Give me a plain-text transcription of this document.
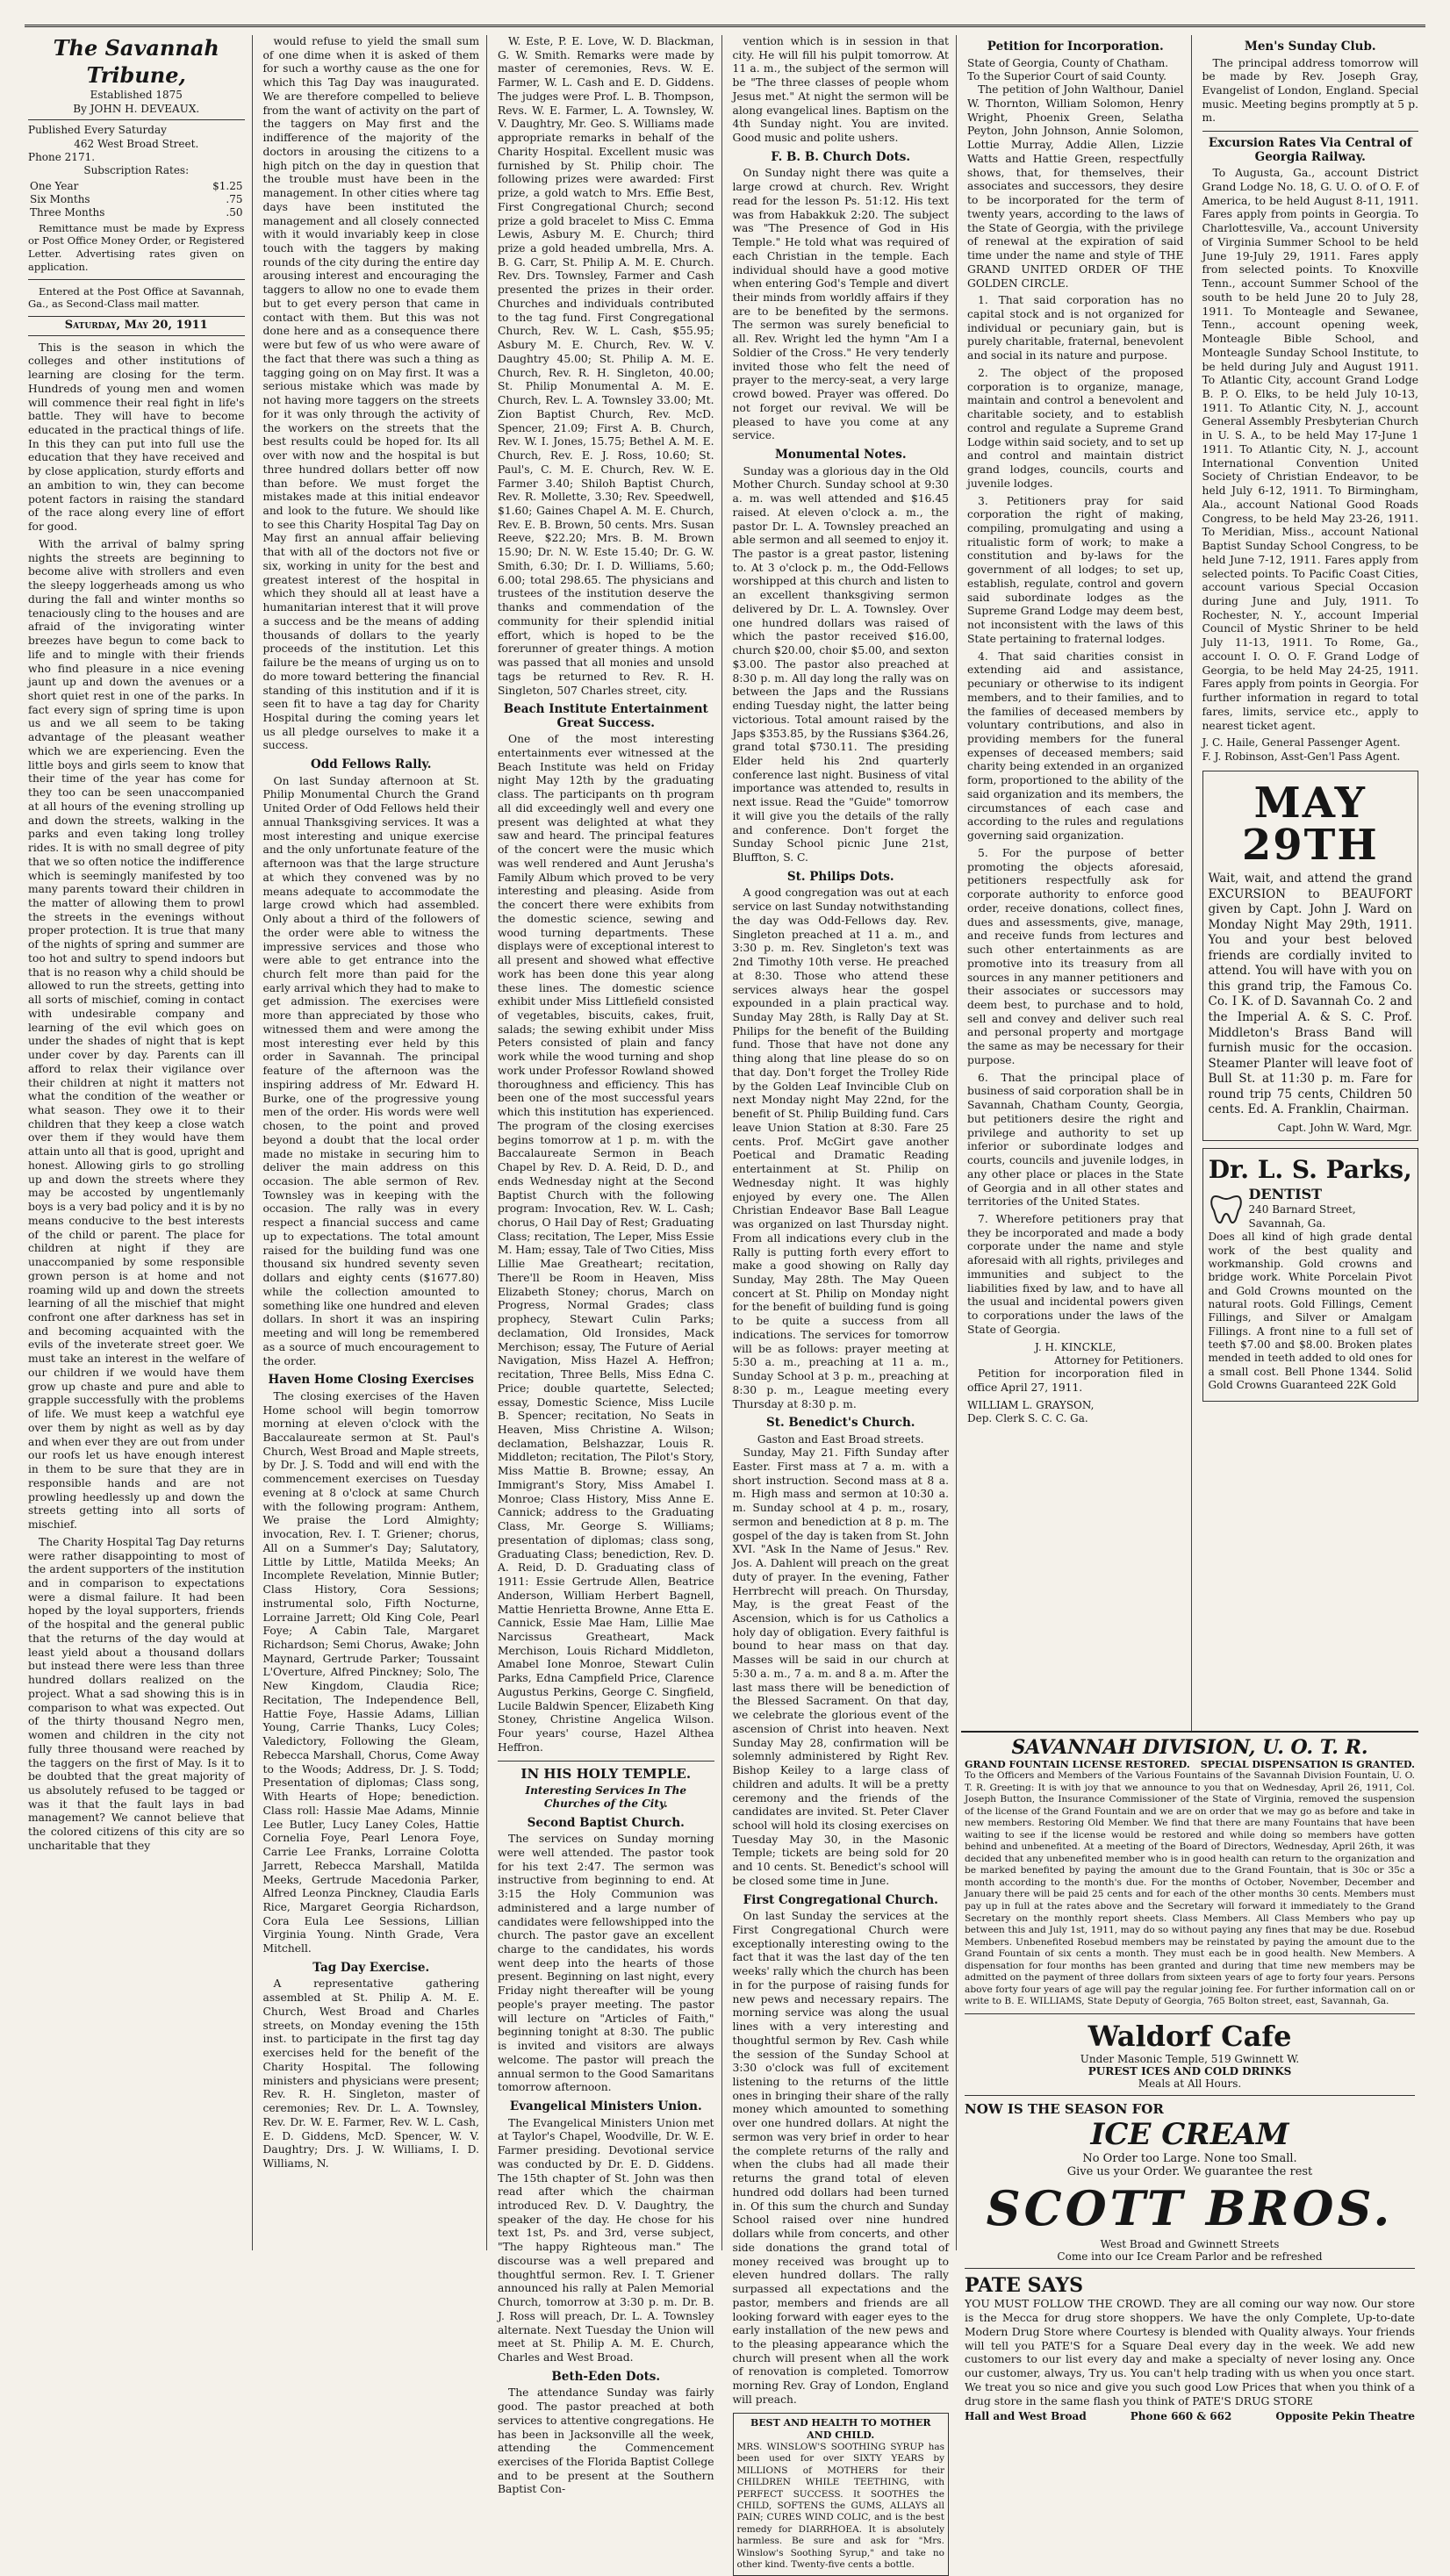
The Savannah Tribune,
Established 1875
By JOHN H. DEVEAUX.
Published Every Saturday
462 West Broad Street.
Phone 2171.
Subscription Rates:
One Year	$1.25
Six Months	.75
Three Months	.50

Remittance must be made by Express or Post Office Money Order, or Registered Letter. Advertising rates given on application.

Entered at the Post Office at Savannah, Ga., as Second-Class mail matter.

Saturday, May 20, 1911

This is the season in which the colleges and other institutions of learning are closing for the term. Hundreds of young men and women will commence their real fight in life's battle. They will have to become educated in the practical things of life. In this they can put into full use the education that they have received and by close application, sturdy efforts and an ambition to win, they can become potent factors in raising the standard of the race along every line of effort for good.

With the arrival of balmy spring nights the streets are beginning to become alive with strollers and even the sleepy loggerheads among us who during the fall and winter months so tenaciously cling to the houses and are afraid of the invigorating winter breezes have begun to come back to life and to mingle with their friends who find pleasure in a nice evening jaunt up and down the avenues or a short quiet rest in one of the parks. In fact every sign of spring time is upon us and we all seem to be taking advantage of the pleasant weather which we are experiencing. Even the little boys and girls seem to know that their time of the year has come for they too can be seen unaccompanied at all hours of the evening strolling up and down the streets, walking in the parks and even taking long trolley rides. It is with no small degree of pity that we so often notice the indifference which is seemingly manifested by too many parents toward their children in the matter of allowing them to prowl the streets in the evenings without proper protection. It is true that many of the nights of spring and summer are too hot and sultry to spend indoors but that is no reason why a child should be allowed to run the streets, getting into all sorts of mischief, coming in contact with undesirable company and learning of the evil which goes on under the shades of night that is kept under cover by day. Parents can ill afford to relax their vigilance over their children at night it matters not what the condition of the weather or what season. They owe it to their children that they keep a close watch over them if they would have them attain unto all that is good, upright and honest. Allowing girls to go strolling up and down the streets where they may be accosted by ungentlemanly boys is a very bad policy and it is by no means conducive to the best interests of the child or parent. The place for children at night if they are unaccompanied by some responsible grown person is at home and not roaming wild up and down the streets learning of all the mischief that might confront one after darkness has set in and becoming acquainted with the evils of the inveterate street goer. We must take an interest in the welfare of our children if we would have them grow up chaste and pure and able to grapple successfully with the problems of life. We must keep a watchful eye over them by night as well as by day and when ever they are out from under our roofs let us have enough interest in them to be sure that they are in responsible hands and are not prowling heedlessly up and down the streets getting into all sorts of mischief.

The Charity Hospital Tag Day returns were rather disappointing to most of the ardent supporters of the institution and in comparison to expectations were a dismal failure. It had been hoped by the loyal supporters, friends of the hospital and the general public that the returns of the day would at least yield about a thousand dollars but instead there were less than three hundred dollars realized on the project. What a sad showing this is in comparison to what was expected. Out of the thirty thousand Negro men, women and children in the city not fully three thousand were reached by the taggers on the first of May. Is it to be doubted that the great majority of us absolutely refused to be tagged or was it that the fault lays in bad management? We cannot believe that the colored citizens of this city are so uncharitable that they

would refuse to yield the small sum of one dime when it is asked of them for such a worthy cause as the one for which this Tag Day was inaugurated. We are therefore compelled to believe from the want of activity on the part of the taggers on May first and the indifference of the majority of the doctors in arousing the citizens to a high pitch on the day in question that the trouble must have been in the management. In other cities where tag days have been instituted the management and all closely connected with it would invariably keep in close touch with the taggers by making rounds of the city during the entire day arousing interest and encouraging the taggers to allow no one to evade them but to get every person that came in contact with them. But this was not done here and as a consequence there were but few of us who were aware of the fact that there was such a thing as tagging going on on May first. It was a serious mistake which was made by not having more taggers on the streets for it was only through the activity of the workers on the streets that the best results could be hoped for. Its all over with now and the hospital is but three hundred dollars better off now than before. We must forget the mistakes made at this initial endeavor and look to the future. We should like to see this Charity Hospital Tag Day on May first an annual affair believing that with all of the doctors not five or six, working in unity for the best and greatest interest of the hospital in which they should all at least have a humanitarian interest that it will prove a success and be the means of adding thousands of dollars to the yearly proceeds of the institution. Let this failure be the means of urging us on to do more toward bettering the financial standing of this institution and if it is seen fit to have a tag day for Charity Hospital during the coming years let us all pledge ourselves to make it a success.

Odd Fellows Rally.

On last Sunday afternoon at St. Philip Monumental Church the Grand United Order of Odd Fellows held their annual Thanksgiving services. It was a most interesting and unique exercise and the only unfortunate feature of the afternoon was that the large structure at which they convened was by no means adequate to accommodate the large crowd which had assembled. Only about a third of the followers of the order were able to witness the impressive services and those who were able to get entrance into the church felt more than paid for the early arrival which they had to make to get admission. The exercises were more than appreciated by those who witnessed them and were among the most interesting ever held by this order in Savannah. The principal feature of the afternoon was the inspiring address of Mr. Edward H. Burke, one of the progressive young men of the order. His words were well chosen, to the point and proved beyond a doubt that the local order made no mistake in securing him to deliver the main address on this occasion. The able sermon of Rev. Townsley was in keeping with the occasion. The rally was in every respect a financial success and came up to expectations. The total amount raised for the building fund was one thousand six hundred seventy seven dollars and eighty cents ($1677.80) while the collection amounted to something like one hundred and eleven dollars. In short it was an inspiring meeting and will long be remembered as a source of much encouragement to the order.

Haven Home Closing Exercises

The closing exercises of the Haven Home school will begin tomorrow morning at eleven o'clock with the Baccalaureate sermon at St. Paul's Church, West Broad and Maple streets, by Dr. J. S. Todd and will end with the commencement exercises on Tuesday evening at 8 o'clock at same Church with the following program: Anthem, We praise the Lord Almighty; invocation, Rev. I. T. Griener; chorus, All on a Summer's Day; Salutatory, Little by Little, Matilda Meeks; An Incomplete Revelation, Minnie Butler; Class History, Cora Sessions; instrumental solo, Fifth Nocturne, Lorraine Jarrett; Old King Cole, Pearl Foye; A Cabin Tale, Margaret Richardson; Semi Chorus, Awake; John Maynard, Gertrude Parker; Toussaint L'Overture, Alfred Pinckney; Solo, The New Kingdom, Claudia Rice; Recitation, The Independence Bell, Hattie Foye, Hassie Adams, Lillian Young, Carrie Thanks, Lucy Coles; Valedictory, Following the Gleam, Rebecca Marshall, Chorus, Come Away to the Woods; Address, Dr. J. S. Todd; Presentation of diplomas; Class song, With Hearts of Hope; benediction. Class roll: Hassie Mae Adams, Minnie Lee Butler, Lucy Laney Coles, Hattie Cornelia Foye, Pearl Lenora Foye, Carrie Lee Franks, Lorraine Colotta Jarrett, Rebecca Marshall, Matilda Meeks, Gertrude Macedonia Parker, Alfred Leonza Pinckney, Claudia Earls Rice, Margaret Georgia Richardson, Cora Eula Lee Sessions, Lillian Virginia Young. Ninth Grade, Vera Mitchell.

Tag Day Exercise.

A representative gathering assembled at St. Philip A. M. E. Church, West Broad and Charles streets, on Monday evening the 15th inst. to participate in the first tag day exercises held for the benefit of the Charity Hospital. The following ministers and physicians were present; Rev. R. H. Singleton, master of ceremonies; Rev. Dr. L. A. Townsley, Rev. Dr. W. E. Farmer, Rev. W. L. Cash, E. D. Giddens, McD. Spencer, W. V. Daughtry; Drs. J. W. Williams, I. D. Williams, N.

W. Este, P. E. Love, W. D. Blackman, G. W. Smith. Remarks were made by master of ceremonies, Revs. W. E. Farmer, W. L. Cash and E. D. Giddens. The judges were Prof. L. B. Thompson, Revs. W. E. Farmer, L. A. Townsley, W. V. Daughtry, Mr. Geo. S. Williams made appropriate remarks in behalf of the Charity Hospital. Excellent music was furnished by St. Philip choir. The following prizes were awarded: First prize, a gold watch to Mrs. Effie Best, First Congregational Church; second prize a gold bracelet to Miss C. Emma Lewis, Asbury M. E. Church; third prize a gold headed umbrella, Mrs. A. B. G. Carr, St. Philip A. M. E. Church. Rev. Drs. Townsley, Farmer and Cash presented the prizes in their order. Churches and individuals contributed to the tag fund. First Congregational Church, Rev. W. L. Cash, $55.95; Asbury M. E. Church, Rev. W. V. Daughtry 45.00; St. Philip A. M. E. Church, Rev. R. H. Singleton, 40.00; St. Philip Monumental A. M. E. Church, Rev. L. A. Townsley 33.00; Mt. Zion Baptist Church, Rev. McD. Spencer, 21.09; First A. B. Church, Rev. W. I. Jones, 15.75; Bethel A. M. E. Church, Rev. E. J. Ross, 10.60; St. Paul's, C. M. E. Church, Rev. W. E. Farmer 3.40; Shiloh Baptist Church, Rev. R. Mollette, 3.30; Rev. Speedwell, $1.60; Gaines Chapel A. M. E. Church, Rev. E. B. Brown, 50 cents. Mrs. Susan Reeve, $22.20; Mrs. B. M. Brown 15.90; Dr. N. W. Este 15.40; Dr. G. W. Smith, 6.30; Dr. I. D. Williams, 5.60; 6.00; total 298.65. The physicians and trustees of the institution deserve the thanks and commendation of the community for their splendid initial effort, which is hoped to be the forerunner of greater things. A motion was passed that all monies and unsold tags be returned to Rev. R. H. Singleton, 507 Charles street, city.

Beach Institute Entertainment Great Success.

One of the most interesting entertainments ever witnessed at the Beach Institute was held on Friday night May 12th by the graduating class. The participants on th program all did exceedingly well and every one present was delighted at what they saw and heard. The principal features of the concert were the music which was well rendered and Aunt Jerusha's Family Album which proved to be very interesting and pleasing. Aside from the concert there were exhibits from the domestic science, sewing and wood turning departments. These displays were of exceptional interest to all present and showed what effective work has been done this year along these lines. The domestic science exhibit under Miss Littlefield consisted of vegetables, biscuits, cakes, fruit, salads; the sewing exhibit under Miss Peters consisted of plain and fancy work while the wood turning and shop work under Professor Rowland showed thoroughness and efficiency. This has been one of the most successful years which this institution has experienced. The program of the closing exercises begins tomorrow at 1 p. m. with the Baccalaureate Sermon in Beach Chapel by Rev. D. A. Reid, D. D., and ends Wednesday night at the Second Baptist Church with the following program: Invocation, Rev. W. L. Cash; chorus, O Hail Day of Rest; Graduating Class; recitation, The Leper, Miss Essie M. Ham; essay, Tale of Two Cities, Miss Lillie Mae Greatheart; recitation, There'll be Room in Heaven, Miss Elizabeth Stoney; chorus, March on Progress, Normal Grades; class prophecy, Stewart Culin Parks; declamation, Old Ironsides, Mack Merchison; essay, The Future of Aerial Navigation, Miss Hazel A. Heffron; recitation, Three Bells, Miss Edna C. Price; double quartette, Selected; essay, Domestic Science, Miss Lucile B. Spencer; recitation, No Seats in Heaven, Miss Christine A. Wilson; declamation, Belshazzar, Louis R. Middleton; recitation, The Pilot's Story, Miss Mattie B. Browne; essay, An Immigrant's Story, Miss Amabel I. Monroe; Class History, Miss Anne E. Cannick; address to the Graduating Class, Mr. George S. Williams; presentation of diplomas; class song, Graduating Class; benediction, Rev. D. A. Reid, D. D. Graduating class of 1911: Essie Gertrude Allen, Beatrice Anderson, William Herbert Bagnell, Mattie Henrietta Browne, Anne Etta E. Cannick, Essie Mae Ham, Lillie Mae Narcissus Greatheart, Mack Merchison, Louis Richard Middleton, Amabel Ione Monroe, Stewart Culin Parks, Edna Campfield Price, Clarence Augustus Perkins, George C. Singfield, Lucile Baldwin Spencer, Elizabeth King Stoney, Christine Angelica Wilson. Four years' course, Hazel Althea Heffron.

IN HIS HOLY TEMPLE.
Interesting Services In The Churches of the City.
Second Baptist Church.

The services on Sunday morning were well attended. The pastor took for his text 2:47. The sermon was instructive from beginning to end. At 3:15 the Holy Communion was administered and a large number of candidates were fellowshipped into the church. The pastor gave an excellent charge to the candidates, his words went deep into the hearts of those present. Beginning on last night, every Friday night thereafter will be young people's prayer meeting. The pastor will lecture on "Articles of Faith," beginning tonight at 8:30. The public is invited and visitors are always welcome. The pastor will preach the annual sermon to the Good Samaritans tomorrow afternoon.

Evangelical Ministers Union.

The Evangelical Ministers Union met at Taylor's Chapel, Woodville, Dr. W. E. Farmer presiding. Devotional service was conducted by Dr. E. D. Giddens. The 15th chapter of St. John was then read after which the chairman introduced Rev. D. V. Daughtry, the speaker of the day. He chose for his text 1st, Ps. and 3rd, verse subject, "The happy Righteous man." The discourse was a well prepared and thoughtful sermon. Rev. I. T. Griener announced his rally at Palen Memorial Church, tomorrow at 3:30 p. m. Dr. B. J. Ross will preach, Dr. L. A. Townsley alternate. Next Tuesday the Union will meet at St. Philip A. M. E. Church, Charles and West Broad.

Beth-Eden Dots.

The attendance Sunday was fairly good. The pastor preached at both services to attentive congregations. He has been in Jacksonville all the week, attending the Commencement exercises of the Florida Baptist College and to be present at the Southern Baptist Con-

vention which is in session in that city. He will fill his pulpit tomorrow. At 11 a. m., the subject of the sermon will be "The three classes of people whom Jesus met." At night the sermon will be along evangelical lines. Baptism on the 4th Sunday night. You are invited. Good music and polite ushers.

F. B. B. Church Dots.

On Sunday night there was quite a large crowd at church. Rev. Wright read for the lesson Ps. 51:12. His text was from Habakkuk 2:20. The subject was "The Presence of God in His Temple." He told what was required of each Christian in the temple. Each individual should have a good motive when entering God's Temple and divert their minds from worldly affairs if they are to be benefited by the sermons. The sermon was surely beneficial to all. Rev. Wright led the hymn "Am I a Soldier of the Cross." He very tenderly invited those who felt the need of prayer to the mercy-seat, a very large crowd bowed. Prayer was offered. Do not forget our revival. We will be pleased to have you come at any service.

Monumental Notes.

Sunday was a glorious day in the Old Mother Church. Sunday school at 9:30 a. m. was well attended and $16.45 raised. At eleven o'clock a. m., the pastor Dr. L. A. Townsley preached an able sermon and all seemed to enjoy it. The pastor is a great pastor, listening to. At 3 o'clock p. m., the Odd-Fellows worshipped at this church and listen to an excellent thanksgiving sermon delivered by Dr. L. A. Townsley. Over one hundred dollars was raised of which the pastor received $16.00, church $20.00, choir $5.00, and sexton $3.00. The pastor also preached at 8:30 p. m. All day long the rally was on between the Japs and the Russians ending Tuesday night, the latter being victorious. Total amount raised by the Japs $353.85, by the Russians $364.26, grand total $730.11. The presiding Elder held his 2nd quarterly conference last night. Business of vital importance was attended to, results in next issue. Read the "Guide" tomorrow it will give you the details of the rally and conference. Don't forget the Sunday School picnic June 21st, Bluffton, S. C.

St. Philips Dots.

A good congregation was out at each service on last Sunday notwithstanding the day was Odd-Fellows day. Rev. Singleton preached at 11 a. m., and 3:30 p. m. Rev. Singleton's text was 2nd Timothy 10th verse. He preached at 8:30. Those who attend these services always hear the gospel expounded in a plain practical way. Sunday May 28th, is Rally Day at St. Philips for the benefit of the Building fund. Those that have not done any thing along that line please do so on that day. Don't forget the Trolley Ride by the Golden Leaf Invincible Club on next Monday night May 22nd, for the benefit of St. Philip Building fund. Cars leave Union Station at 8:30. Fare 25 cents. Prof. McGirt gave another Poetical and Dramatic Reading entertainment at St. Philip on Wednesday night. It was highly enjoyed by every one. The Allen Christian Endeavor Base Ball League was organized on last Thursday night. From all indications every club in the Rally is putting forth every effort to make a good showing on Rally day Sunday, May 28th. The May Queen concert at St. Philip on Monday night for the benefit of building fund is going to be quite a success from all indications. The services for tomorrow will be as follows: prayer meeting at 5:30 a. m., preaching at 11 a. m., Sunday School at 3 p. m., preaching at 8:30 p. m., League meeting every Thursday at 8:30 p. m.

St. Benedict's Church.
Gaston and East Broad streets.

Sunday, May 21. Fifth Sunday after Easter. First mass at 7 a. m. with a short instruction. Second mass at 8 a. m. High mass and sermon at 10:30 a. m. Sunday school at 4 p. m., rosary, sermon and benediction at 8 p. m. The gospel of the day is taken from St. John XVI. "Ask In the Name of Jesus." Rev. Jos. A. Dahlent will preach on the great duty of prayer. In the evening, Father Herrbrecht will preach. On Thursday, May, is the great Feast of the Ascension, which is for us Catholics a holy day of obligation. Every faithful is bound to hear mass on that day. Masses will be said in our church at 5:30 a. m., 7 a. m. and 8 a. m. After the last mass there will be benediction of the Blessed Sacrament. On that day, we celebrate the glorious event of the ascension of Christ into heaven. Next Sunday May 28, confirmation will be solemnly administered by Right Rev. Bishop Keiley to a large class of children and adults. It will be a pretty ceremony and the friends of the candidates are invited. St. Peter Claver school will hold its closing exercises on Tuesday May 30, in the Masonic Temple; tickets are being sold for 20 and 10 cents. St. Benedict's school will be closed some time in June.

First Congregational Church.

On last Sunday the services at the First Congregational Church were exceptionally interesting owing to the fact that it was the last day of the ten weeks' rally which the church has been in for the purpose of raising funds for new pews and necessary repairs. The morning service was along the usual lines with a very interesting and thoughtful sermon by Rev. Cash while the session of the Sunday School at 3:30 o'clock was full of excitement listening to the returns of the little ones in bringing their share of the rally money which amounted to something over one hundred dollars. At night the sermon was very brief in order to hear the complete returns of the rally and when the clubs had all made their returns the grand total of eleven hundred odd dollars had been turned in. Of this sum the church and Sunday School raised over nine hundred dollars while from concerts, and other side donations the grand total of money received was brought up to eleven hundred dollars. The rally surpassed all expectations and the pastor, members and friends are all looking forward with eager eyes to the early installation of the new pews and to the pleasing appearance which the church will present when all the work of renovation is completed. Tomorrow morning Rev. Gray of London, England will preach.

BEST AND HEALTH TO MOTHER AND CHILD.
MRS. WINSLOW'S SOOTHING SYRUP has been used for over SIXTY YEARS by MILLIONS of MOTHERS for their CHILDREN WHILE TEETHING, with PERFECT SUCCESS. It SOOTHES the CHILD, SOFTENS the GUMS, ALLAYS all PAIN; CURES WIND COLIC, and is the best remedy for DIARRHOEA. It is absolutely harmless. Be sure and ask for "Mrs. Winslow's Soothing Syrup," and take no other kind. Twenty-five cents a bottle.
Petition for Incorporation.
State of Georgia, County of Chatham.
To the Superior Court of said County.

The petition of John Walthour, Daniel W. Thornton, William Solomon, Henry Wright, Phoenix Green, Selatha Peyton, John Johnson, Annie Solomon, Lottie Murray, Addie Allen, Lizzie Watts and Hattie Green, respectfully shows, that, for themselves, their associates and successors, they desire to be incorporated for the term of twenty years, according to the laws of the State of Georgia, with the privilege of renewal at the expiration of said time under the name and style of THE GRAND UNITED ORDER OF THE GOLDEN CIRCLE.

1. That said corporation has no capital stock and is not organized for individual or pecuniary gain, but is purely charitable, fraternal, benevolent and social in its nature and purpose.

2. The object of the proposed corporation is to organize, manage, maintain and control a benevolent and charitable society, and to establish control and regulate a Supreme Grand Lodge within said society, and to set up and control and maintain district grand lodges, councils, courts and juvenile lodges.

3. Petitioners pray for said corporation the right of making, compiling, promulgating and using a ritualistic form of work; to make a constitution and by-laws for the government of all lodges; to set up, establish, regulate, control and govern said subordinate lodges as the Supreme Grand Lodge may deem best, not inconsistent with the laws of this State pertaining to fraternal lodges.

4. That said charities consist in extending aid and assistance, pecuniary or otherwise to its indigent members, and to their families, and to the families of deceased members by voluntary contributions, and also in providing members for the funeral expenses of deceased members; said charity being extended in an organized form, proportioned to the ability of the said organization and its members, the circumstances of each case and according to the rules and regulations governing said organization.

5. For the purpose of better promoting the objects aforesaid, petitioners respectfully ask for corporate authority to enforce good order, receive donations, collect fines, dues and assessments, give, manage, and receive funds from lectures and such other entertainments as are promotive into its treasury from all sources in any manner petitioners and their associates or successors may deem best, to purchase and to hold, sell and convey and deliver such real and personal property and mortgage the same as may be necessary for their purpose.

6. That the principal place of business of said corporation shall be in Savannah, Chatham County, Georgia, but petitioners desire the right and privilege and authority to set up inferior or subordinate lodges and courts, councils and juvenile lodges, in any other place or places in the State of Georgia and in all other states and territories of the United States.

7. Wherefore petitioners pray that they be incorporated and made a body corporate under the name and style aforesaid with all rights, privileges and immunities and subject to the liabilities fixed by law, and to have all the usual and incidental powers given to corporations under the laws of the State of Georgia.

J. H. KINCKLE,
Attorney for Petitioners.

Petition for incorporation filed in office April 27, 1911.

WILLIAM L. GRAYSON,
Dep. Clerk S. C. C. Ga.
Men's Sunday Club.

The principal address tomorrow will be made by Rev. Joseph Gray, Evangelist of London, England. Special music. Meeting begins promptly at 5 p. m.

Excursion Rates Via Central of Georgia Railway.

To Augusta, Ga., account District Grand Lodge No. 18, G. U. O. of O. F. of America, to be held August 8-11, 1911. Fares apply from points in Georgia. To Charlottesville, Va., account University of Virginia Summer School to be held June 19-July 29, 1911. Fares apply from selected points. To Knoxville Tenn., account Summer School of the south to be held June 20 to July 28, 1911. To Monteagle and Sewanee, Tenn., account opening week, Monteagle Bible School, and Monteagle Sunday School Institute, to be held during July and August 1911. To Atlantic City, account Grand Lodge B. P. O. Elks, to be held July 10-13, 1911. To Atlantic City, N. J., account General Assembly Presbyterian Church in U. S. A., to be held May 17-June 1 1911. To Atlantic City, N. J., account International Convention United Society of Christian Endeavor, to be held July 6-12, 1911. To Birmingham, Ala., account National Good Roads Congress, to be held May 23-26, 1911. To Meridian, Miss., account National Baptist Sunday School Congress, to be held June 7-12, 1911. Fares apply from selected points. To Pacific Coast Cities, account various Special Occasion during June and July, 1911. To Rochester, N. Y., account Imperial Council of Mystic Shriner to be held July 11-13, 1911. To Rome, Ga., account I. O. O. F. Grand Lodge of Georgia, to be held May 24-25, 1911. Fares apply from points in Georgia. For further information in regard to total fares, limits, service etc., apply to nearest ticket agent.

J. C. Haile, General Passenger Agent.
F. J. Robinson, Asst-Gen'l Pass Agent.
MAY 29TH

Wait, wait, and attend the grand EXCURSION to BEAUFORT given by Capt. John J. Ward on Monday Night May 29th, 1911. You and your best beloved friends are cordially invited to attend. You will have with you on this grand trip, the Famous Co. Co. I K. of D. Savannah Co. 2 and the Imperial A. & S. C. Prof. Middleton's Brass Band will furnish music for the occasion. Steamer Planter will leave foot of Bull St. at 11:30 p. m. Fare for round trip 75 cents, Children 50 cents. Ed. A. Franklin, Chairman.

Capt. John W. Ward, Mgr.
Dr. L. S. Parks,
DENTIST
240 Barnard Street, Savannah, Ga.

Does all kind of high grade dental work of the best quality and workmanship. Gold crowns and bridge work. White Porcelain Pivot and Gold Crowns mounted on the natural roots. Gold Fillings, Cement Fillings, and Silver or Amalgam Fillings. A front nine to a full set of teeth $7.00 and $8.00. Broken plates mended in teeth added to old ones for a small cost. Bell Phone 1344. Solid Gold Crowns Guaranteed 22K Gold

SAVANNAH DIVISION, U. O. T. R.
GRAND FOUNTAIN LICENSE RESTORED. SPECIAL DISPENSATION IS GRANTED.
To the Officers and Members of the Various Fountains of the Savannah Division Fountain, U. O. T. R. Greeting: It is with joy that we announce to you that on Wednesday, April 26, 1911, Col. Joseph Button, the Insurance Commissioner of the State of Virginia, removed the suspension of the license of the Grand Fountain and we are on order that we may go as before and take in new members. Restoring Old Member. We find that there are many Fountains that have been waiting to see if the license would be restored and while doing so members have gotten behind and unbenefited. At a meeting of the Board of Directors, Wednesday, April 26th, it was decided that any unbenefited member who is in good health can return to the organization and be marked benefited by paying the amount due to the Grand Fountain, that is 30c or 35c a month according to the month's due. For the months of October, November, December and January there will be paid 25 cents and for each of the other months 30 cents. Members must pay up in full at the rates above and the Secretary will forward it immediately to the Grand Secretary on the monthly report sheets. Class Members. All Class Members who pay up between this and July 1st, 1911, may do so without paying any fines that may be due. Rosebud Members. Unbenefited Rosebud members may be reinstated by paying the amount due to the Grand Fountain of six cents a month. They must each be in good health. New Members. A dispensation for four months has been granted and during that time new members may be admitted on the payment of three dollars from sixteen years of age to forty four years. Persons above forty four years of age will pay the regular joining fee. For further information call on or write to B. E. WILLIAMS, State Deputy of Georgia, 765 Bolton street, east, Savannah, Ga.
Waldorf Cafe
Under Masonic Temple, 519 Gwinnett W.
PUREST ICES AND COLD DRINKS
Meals at All Hours.
NOW IS THE SEASON FOR
ICE CREAM
No Order too Large. None too Small.
Give us your Order. We guarantee the rest
SCOTT BROS.
West Broad and Gwinnett Streets
Come into our Ice Cream Parlor and be refreshed
PATE SAYS
YOU MUST FOLLOW THE CROWD. They are all coming our way now. Our store is the Mecca for drug store shoppers. We have the only Complete, Up-to-date Modern Drug Store where Courtesy is blended with Quality always. Your friends will tell you PATE'S for a Square Deal every day in the week. We add new customers to our list every day and make a specialty of never losing any. Once our customer, always, Try us. You can't help trading with us when you once start. We treat you so nice and give you such good Low Prices that when you think of a drug store in the same flash you think of PATE'S DRUG STORE
Hall and West Broad	Phone 660 & 662	Opposite Pekin Theatre
